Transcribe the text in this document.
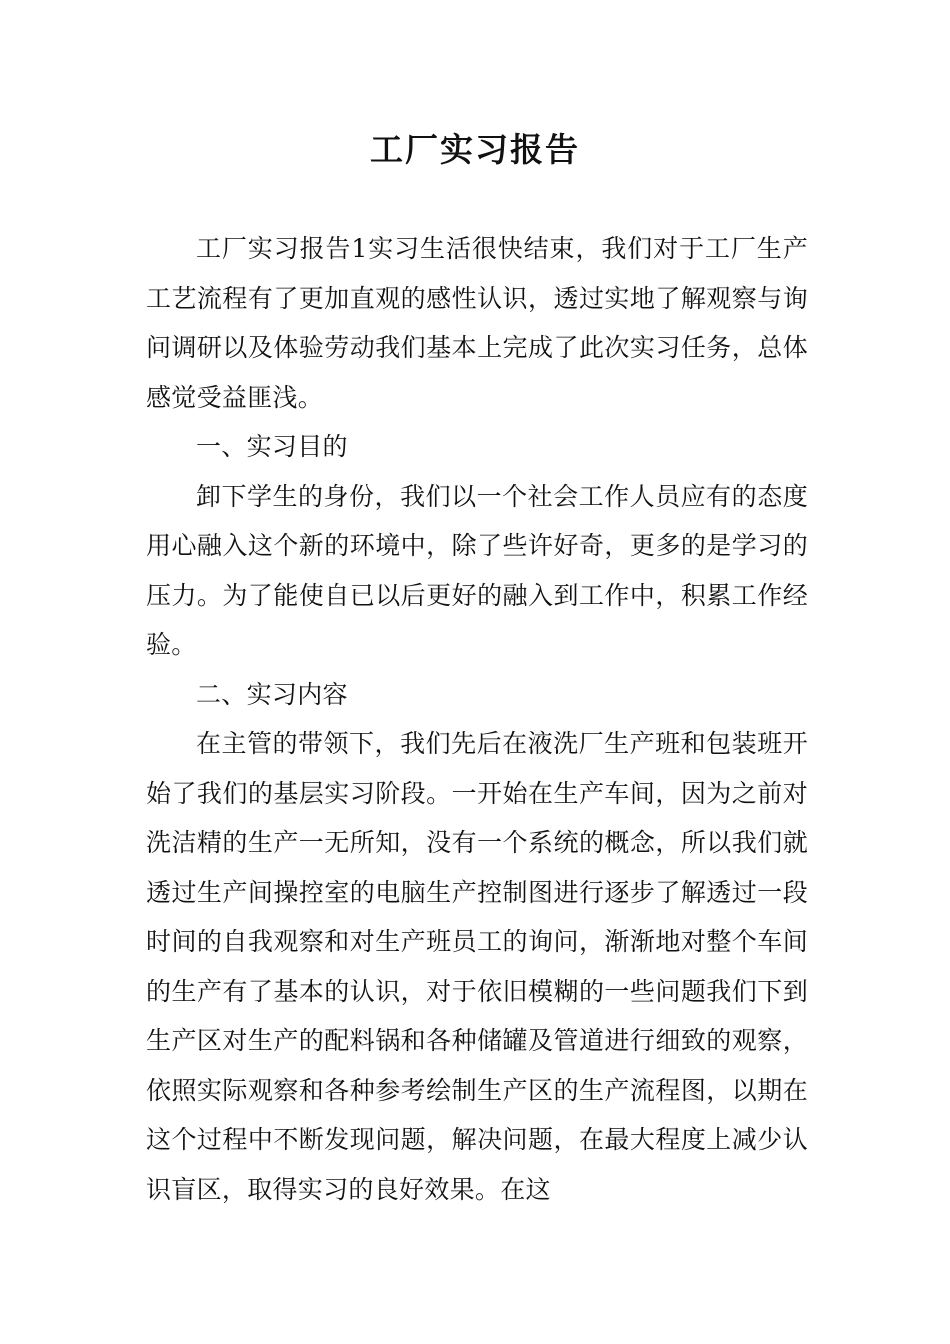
工厂实习报告

工厂实习报告1实习生活很快结束，我们对于工厂生产工艺流程有了更加直观的感性认识，透过实地了解观察与询问调研以及体验劳动我们基本上完成了此次实习任务，总体感觉受益匪浅。

一、实习目的

卸下学生的身份，我们以一个社会工作人员应有的态度用心融入这个新的环境中，除了些许好奇，更多的是学习的压力。为了能使自已以后更好的融入到工作中，积累工作经验。

二、实习内容

在主管的带领下，我们先后在液洗厂生产班和包装班开始了我们的基层实习阶段。一开始在生产车间，因为之前对洗洁精的生产一无所知，没有一个系统的概念，所以我们就透过生产间操控室的电脑生产控制图进行逐步了解透过一段时间的自我观察和对生产班员工的询问，渐渐地对整个车间的生产有了基本的认识，对于依旧模糊的一些问题我们下到生产区对生产的配料锅和各种储罐及管道进行细致的观察，依照实际观察和各种参考绘制生产区的生产流程图，以期在这个过程中不断发现问题，解决问题，在最大程度上减少认识盲区，取得实习的良好效果。在这
